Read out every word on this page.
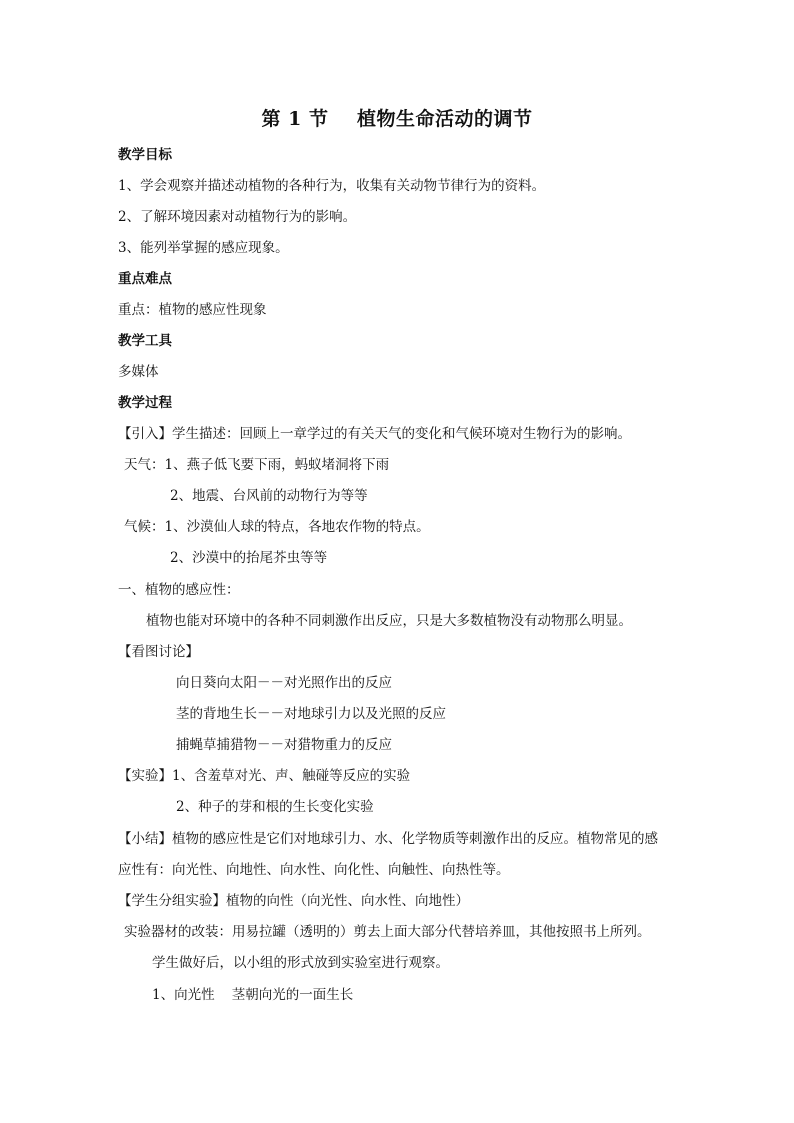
第 1 节    植物生命活动的调节
教学目标
1、学会观察并描述动植物的各种行为，收集有关动物节律行为的资料。
2、了解环境因素对动植物行为的影响。
3、能列举掌握的感应现象。
重点难点
重点：植物的感应性现象
教学工具
多媒体
教学过程
【引入】学生描述：回顾上一章学过的有关天气的变化和气候环境对生物行为的影响。
天气：1、燕子低飞要下雨，蚂蚁堵洞将下雨
2、地震、台风前的动物行为等等
气候：1、沙漠仙人球的特点，各地农作物的特点。
2、沙漠中的抬尾芥虫等等
一、植物的感应性：
植物也能对环境中的各种不同刺激作出反应，只是大多数植物没有动物那么明显。
【看图讨论】
向日葵向太阳－－对光照作出的反应
茎的背地生长－－对地球引力以及光照的反应
捕蝇草捕猎物－－对猎物重力的反应
【实验】1、含羞草对光、声、触碰等反应的实验
2、种子的芽和根的生长变化实验
【小结】植物的感应性是它们对地球引力、水、化学物质等刺激作出的反应。植物常见的感
应性有：向光性、向地性、向水性、向化性、向触性、向热性等。
【学生分组实验】植物的向性（向光性、向水性、向地性）
实验器材的改装：用易拉罐（透明的）剪去上面大部分代替培养皿，其他按照书上所列。
学生做好后，以小组的形式放到实验室进行观察。
1、向光性    茎朝向光的一面生长
